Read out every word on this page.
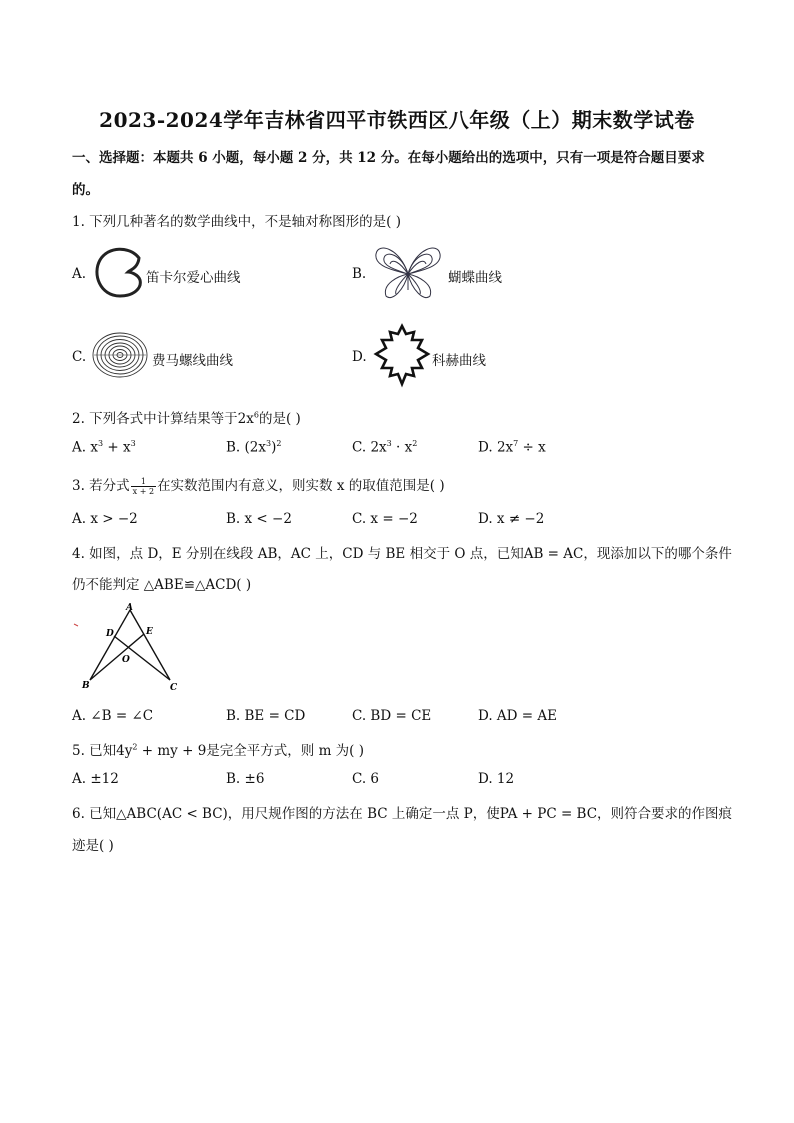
2023-2024学年吉林省四平市铁西区八年级（上）期末数学试卷
一、选择题：本题共 6 小题，每小题 2 分，共 12 分。在每小题给出的选项中，只有一项是符合题目要求
的。
1. 下列几种著名的数学曲线中，不是轴对称图形的是( )
A.	笛卡尔爱心曲线	B.	蝴蝶曲线
C.	费马螺线曲线	D.	科赫曲线
2. 下列各式中计算结果等于$2x^6$的是( )
A. $x^3 + x^3$	B. $(2x^3)^2$	C. $2x^3 \cdot x^2$	D. $2x^7 \div x$
3. 若分式 $\frac{1}{x + 2}$ 在实数范围内有意义，则实数 x 的取值范围是( )
A. x > −2	B. x < −2	C. x = −2	D. x ≠ −2
4. 如图，点 D，E 分别在线段 AB，AC 上，CD 与 BE 相交于 O 点，已知AB = AC，现添加以下的哪个条件
仍不能判定 △ABE≌△ACD( )
A
D	E
O
B	C
A. ∠B = ∠C	B. BE = CD	C. BD = CE	D. AD = AE
5. 已知$4y^2$ + my + 9是完全平方式，则 m 为( )
A. ±12	B. ±6	C. 6	D. 12
6. 已知△ABC(AC < BC)，用尺规作图的方法在 BC 上确定一点 P，使PA + PC = BC，则符合要求的作图痕
迹是( )
